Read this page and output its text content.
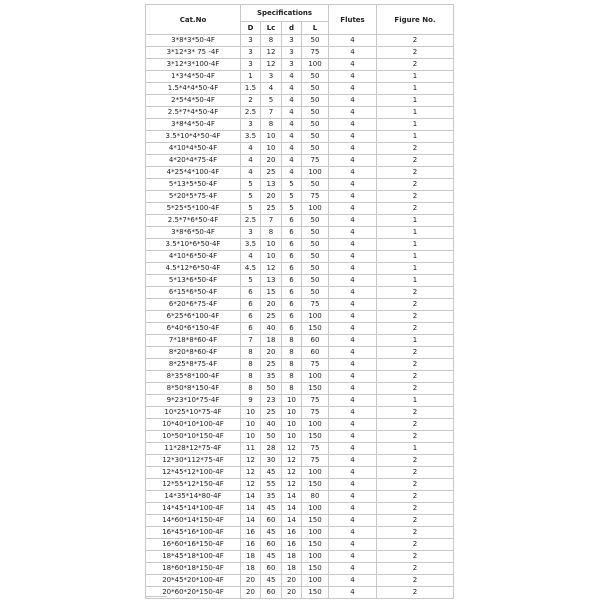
Cat.No	Specifications				Flutes	Figure No.
	D	Lc	d	L		
3*8*3*50-4F	3	8	3	50	4	2
3*12*3* 75 -4F	3	12	3	75	4	2
3*12*3*100-4F	3	12	3	100	4	2
1*3*4*50-4F	1	3	4	50	4	1
1.5*4*4*50-4F	1.5	4	4	50	4	1
2*5*4*50-4F	2	5	4	50	4	1
2.5*7*4*50-4F	2.5	7	4	50	4	1
3*8*4*50-4F	3	8	4	50	4	1
3.5*10*4*50-4F	3.5	10	4	50	4	1
4*10*4*50-4F	4	10	4	50	4	2
4*20*4*75-4F	4	20	4	75	4	2
4*25*4*100-4F	4	25	4	100	4	2
5*13*5*50-4F	5	13	5	50	4	2
5*20*5*75-4F	5	20	5	75	4	2
5*25*5*100-4F	5	25	5	100	4	2
2.5*7*6*50-4F	2.5	7	6	50	4	1
3*8*6*50-4F	3	8	6	50	4	1
3.5*10*6*50-4F	3.5	10	6	50	4	1
4*10*6*50-4F	4	10	6	50	4	1
4.5*12*6*50-4F	4.5	12	6	50	4	1
5*13*6*50-4F	5	13	6	50	4	1
6*15*6*50-4F	6	15	6	50	4	2
6*20*6*75-4F	6	20	6	75	4	2
6*25*6*100-4F	6	25	6	100	4	2
6*40*6*150-4F	6	40	6	150	4	2
7*18*8*60-4F	7	18	8	60	4	1
8*20*8*60-4F	8	20	8	60	4	2
8*25*8*75-4F	8	25	8	75	4	2
8*35*8*100-4F	8	35	8	100	4	2
8*50*8*150-4F	8	50	8	150	4	2
9*23*10*75-4F	9	23	10	75	4	1
10*25*10*75-4F	10	25	10	75	4	2
10*40*10*100-4F	10	40	10	100	4	2
10*50*10*150-4F	10	50	10	150	4	2
11*28*12*75-4F	11	28	12	75	4	1
12*30*112*75-4F	12	30	12	75	4	2
12*45*12*100-4F	12	45	12	100	4	2
12*55*12*150-4F	12	55	12	150	4	2
14*35*14*80-4F	14	35	14	80	4	2
14*45*14*100-4F	14	45	14	100	4	2
14*60*14*150-4F	14	60	14	150	4	2
16*45*16*100-4F	16	45	16	100	4	2
16*60*16*150-4F	16	60	16	150	4	2
18*45*18*100-4F	18	45	18	100	4	2
18*60*18*150-4F	18	60	18	150	4	2
20*45*20*100-4F	20	45	20	100	4	2
20*60*20*150-4F	20	60	20	150	4	2
